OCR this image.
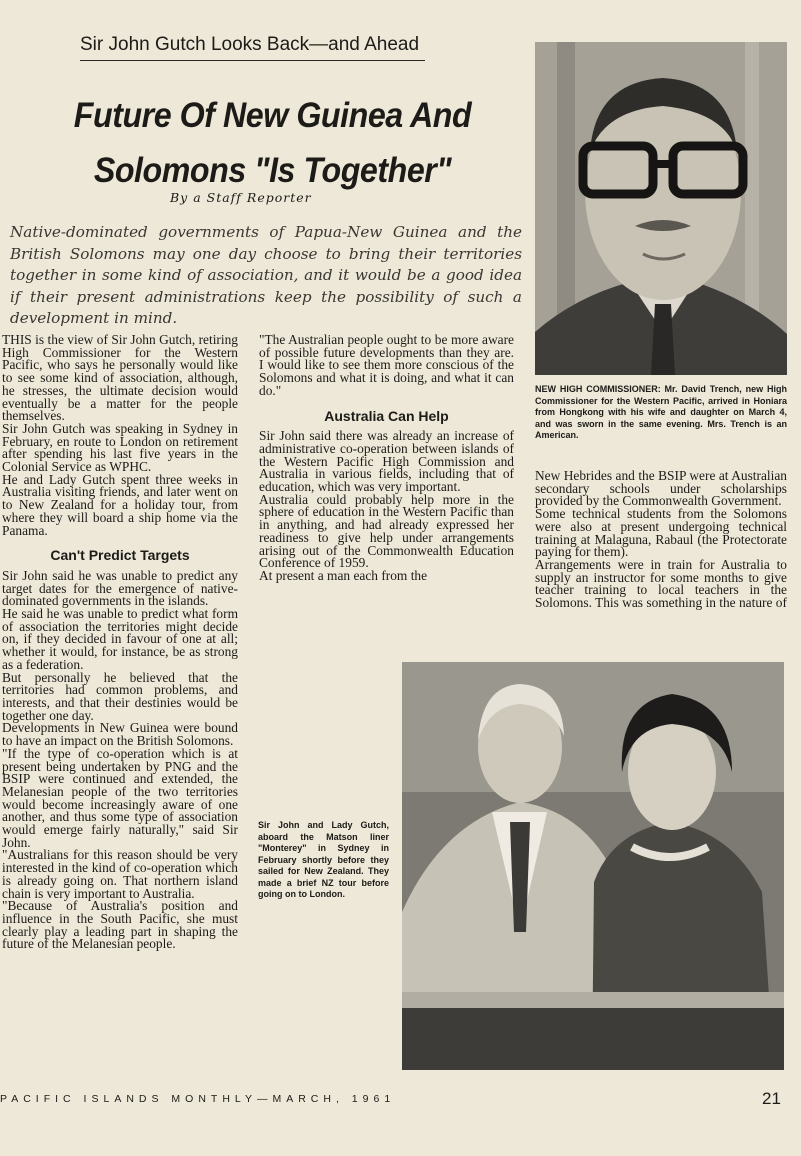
Sir John Gutch Looks Back—and Ahead
Future Of New Guinea And
Solomons "Is Together"
By a Staff Reporter
Native-dominated governments of Papua-New Guinea and the British Solomons may one day choose to bring their territories together in some kind of association, and it would be a good idea if their present administrations keep the possibility of such a development in mind.

THIS is the view of Sir John Gutch, retiring High Commissioner for the Western Pacific, who says he personally would like to see some kind of association, although, he stresses, the ultimate decision would eventually be a matter for the people themselves.

Sir John Gutch was speaking in Sydney in February, en route to London on retirement after spending his last five years in the Colonial Service as WPHC.

He and Lady Gutch spent three weeks in Australia visiting friends, and later went on to New Zealand for a holiday tour, from where they will board a ship home via the Panama.

Can't Predict Targets

Sir John said he was unable to predict any target dates for the emergence of native-dominated governments in the islands.

He said he was unable to predict what form of association the territories might decide on, if they decided in favour of one at all; whether it would, for instance, be as strong as a federation.

But personally he believed that the territories had common problems, and interests, and that their destinies would be together one day.

Developments in New Guinea were bound to have an impact on the British Solomons.

"If the type of co-operation which is at present being undertaken by PNG and the BSIP were continued and extended, the Melanesian people of the two territories would become increasingly aware of one another, and thus some type of association would emerge fairly naturally," said Sir John.

"Australians for this reason should be very interested in the kind of co-operation which is already going on. That northern island chain is very important to Australia.

"Because of Australia's position and influence in the South Pacific, she must clearly play a leading part in shaping the future of the Melanesian people.

"The Australian people ought to be more aware of possible future developments than they are. I would like to see them more conscious of the Solomons and what it is doing, and what it can do."

Australia Can Help

Sir John said there was already an increase of administrative co-operation between islands of the Western Pacific High Commission and Australia in various fields, including that of education, which was very important.

Australia could probably help more in the sphere of education in the Western Pacific than in anything, and had already expressed her readiness to give help under arrangements arising out of the Commonwealth Education Conference of 1959.

At present a man each from the

New Hebrides and the BSIP were at Australian secondary schools under scholarships provided by the Commonwealth Government.

Some technical students from the Solomons were also at present undergoing technical training at Malaguna, Rabaul (the Protectorate paying for them).

Arrangements were in train for Australia to supply an instructor for some months to give teacher training to local teachers in the Solomons. This was something in the nature of

NEW HIGH COMMISSIONER: Mr. David Trench, new High Commissioner for the Western Pacific, arrived in Honiara from Hongkong with his wife and daughter on March 4, and was sworn in the same evening. Mrs. Trench is an American.
Sir John and Lady Gutch, aboard the Matson liner "Monterey" in Sydney in February shortly before they sailed for New Zealand. They made a brief NZ tour before going on to London.
PACIFIC ISLANDS MONTHLY—MARCH, 1961	21
